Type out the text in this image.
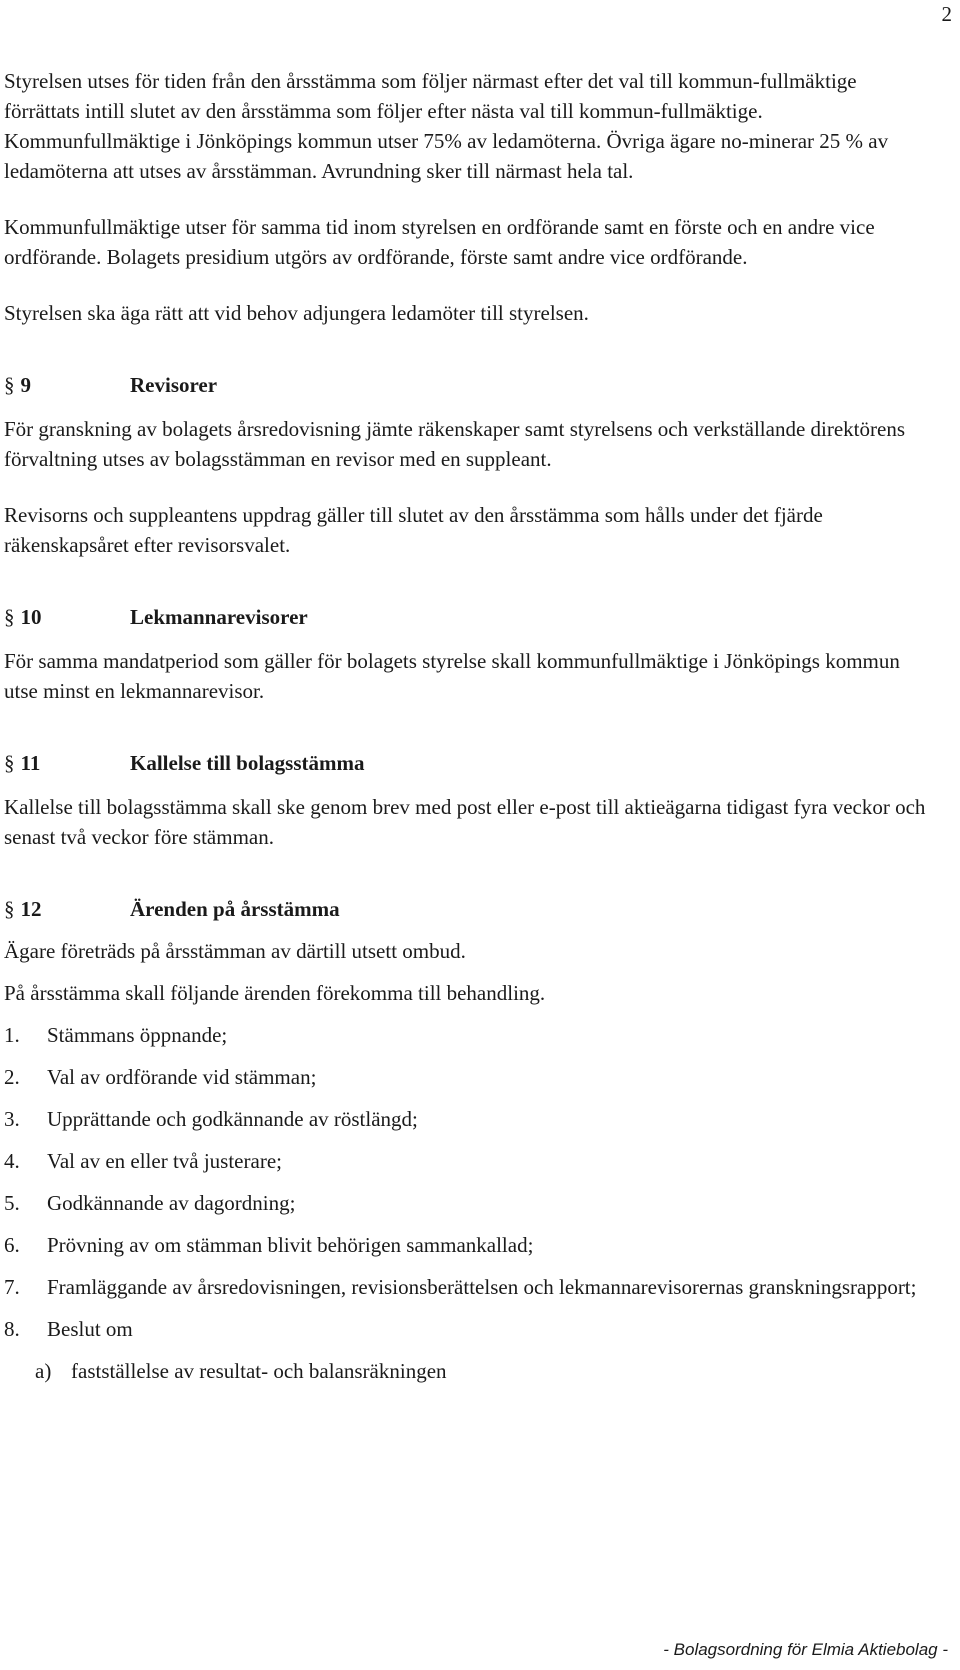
2

Styrelsen utses för tiden från den årsstämma som följer närmast efter det val till kommun-fullmäktige förrättats intill slutet av den årsstämma som följer efter nästa val till kommun-fullmäktige.

Kommunfullmäktige i Jönköpings kommun utser 75% av ledamöterna. Övriga ägare no-minerar 25 % av ledamöterna att utses av årsstämman. Avrundning sker till närmast hela tal.

Kommunfullmäktige utser för samma tid inom styrelsen en ordförande samt en förste och en andre vice ordförande. Bolagets presidium utgörs av ordförande, förste samt andre vice ordförande.

Styrelsen ska äga rätt att vid behov adjungera ledamöter till styrelsen.

§ 9	Revisorer

För granskning av bolagets årsredovisning jämte räkenskaper samt styrelsens och verkställande direktörens förvaltning utses av bolagsstämman en revisor med en suppleant.

Revisorns och suppleantens uppdrag gäller till slutet av den årsstämma som hålls under det fjärde räkenskapsåret efter revisorsvalet.

§ 10	Lekmannarevisorer

För samma mandatperiod som gäller för bolagets styrelse skall kommunfullmäktige i Jönköpings kommun utse minst en lekmannarevisor.

§ 11	Kallelse till bolagsstämma

Kallelse till bolagsstämma skall ske genom brev med post eller e-post till aktieägarna tidigast fyra veckor och senast två veckor före stämman.

§ 12	Ärenden på årsstämma

Ägare företräds på årsstämman av därtill utsett ombud.

På årsstämma skall följande ärenden förekomma till behandling.

1.	Stämmans öppnande;
2.	Val av ordförande vid stämman;
3.	Upprättande och godkännande av röstlängd;
4.	Val av en eller två justerare;
5.	Godkännande av dagordning;
6.	Prövning av om stämman blivit behörigen sammankallad;
7.	Framläggande av årsredovisningen, revisionsberättelsen och lekmannarevisorernas granskningsrapport;
8.	Beslut om
a) fastställelse av resultat- och balansräkningen
- Bolagsordning för Elmia Aktiebolag -
